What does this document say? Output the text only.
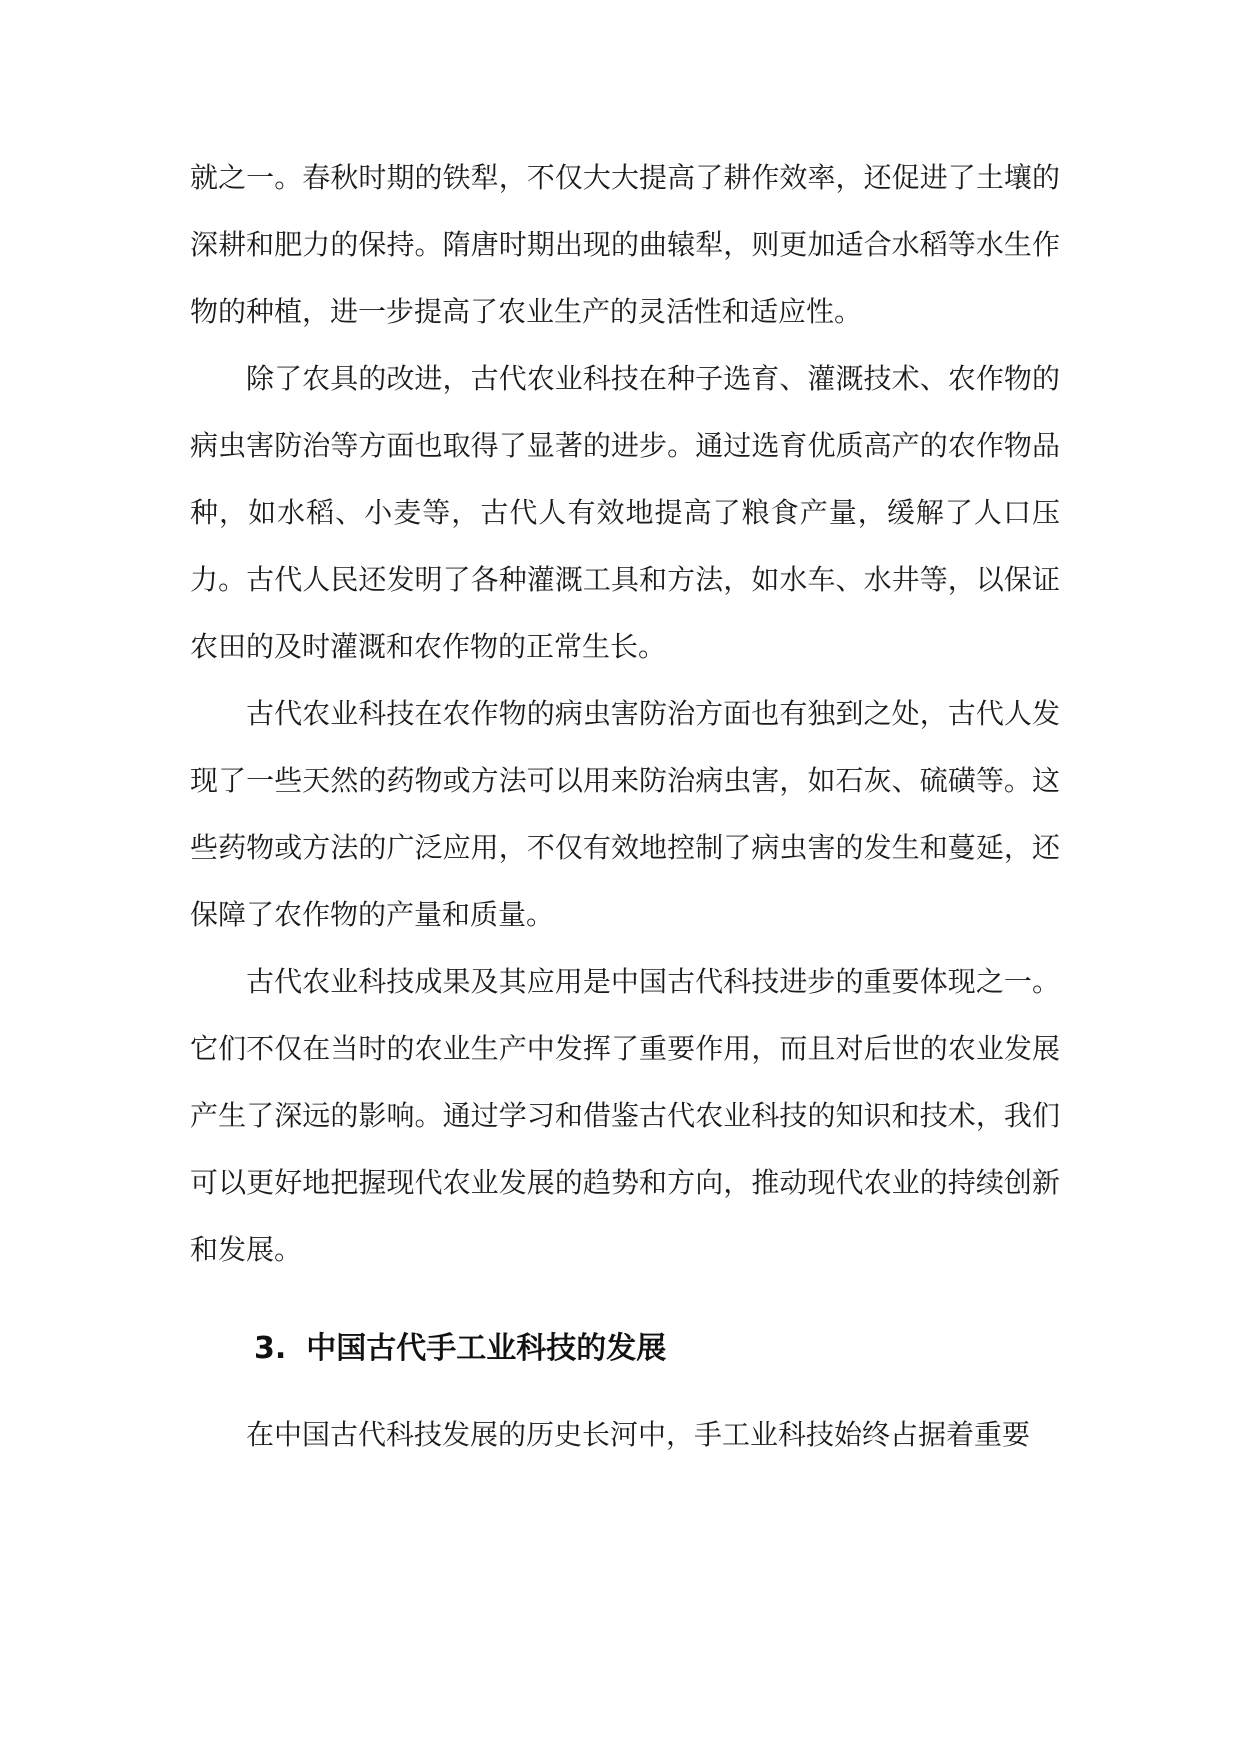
就之一。春秋时期的铁犁，不仅大大提高了耕作效率，还促进了土壤的深耕和肥力的保持。隋唐时期出现的曲辕犁，则更加适合水稻等水生作物的种植，进一步提高了农业生产的灵活性和适应性。

除了农具的改进，古代农业科技在种子选育、灌溉技术、农作物的病虫害防治等方面也取得了显著的进步。通过选育优质高产的农作物品种，如水稻、小麦等，古代人有效地提高了粮食产量，缓解了人口压力。古代人民还发明了各种灌溉工具和方法，如水车、水井等，以保证农田的及时灌溉和农作物的正常生长。

古代农业科技在农作物的病虫害防治方面也有独到之处，古代人发现了一些天然的药物或方法可以用来防治病虫害，如石灰、硫磺等。这些药物或方法的广泛应用，不仅有效地控制了病虫害的发生和蔓延，还保障了农作物的产量和质量。

古代农业科技成果及其应用是中国古代科技进步的重要体现之一。它们不仅在当时的农业生产中发挥了重要作用，而且对后世的农业发展产生了深远的影响。通过学习和借鉴古代农业科技的知识和技术，我们可以更好地把握现代农业发展的趋势和方向，推动现代农业的持续创新和发展。

3. 中国古代手工业科技的发展

在中国古代科技发展的历史长河中，手工业科技始终占据着重要
